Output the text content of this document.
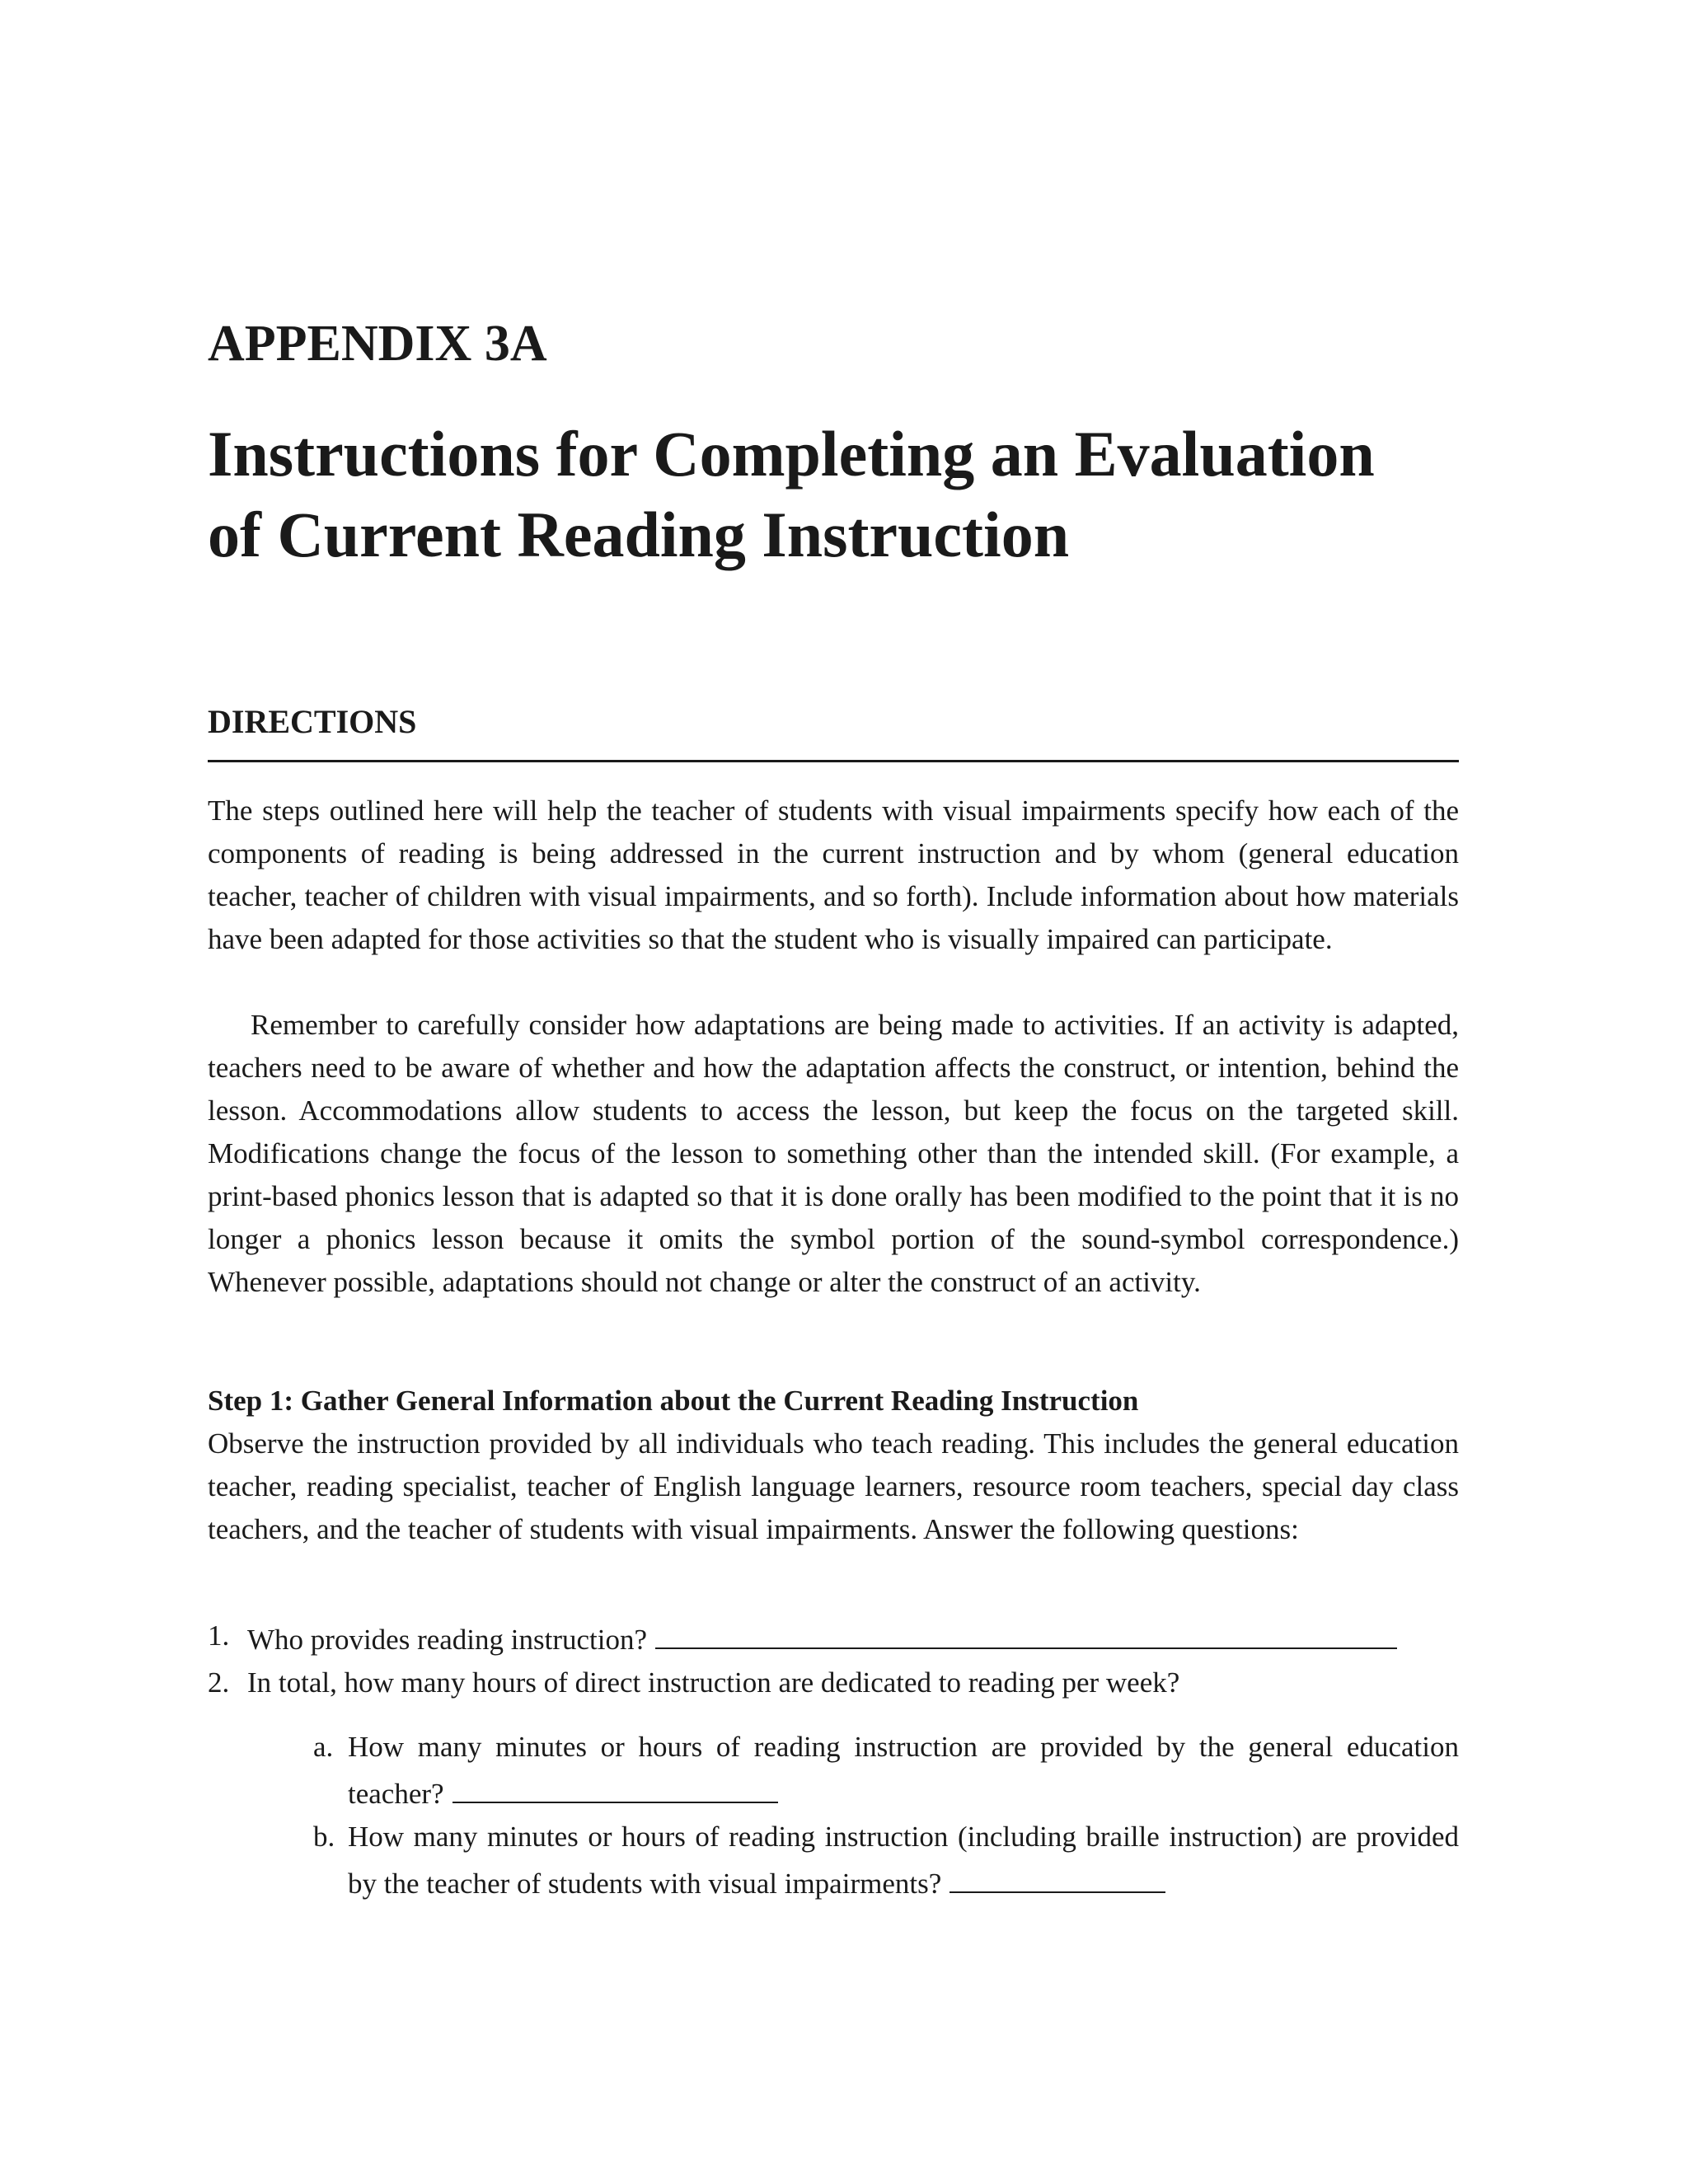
APPENDIX 3A
Instructions for Completing an Evaluation
of Current Reading Instruction
DIRECTIONS

The steps outlined here will help the teacher of students with visual impairments specify how each of the components of reading is being addressed in the current instruction and by whom (general education teacher, teacher of children with visual impairments, and so forth). Include information about how materials have been adapted for those activities so that the student who is visually impaired can participate.

Remember to carefully consider how adaptations are being made to activities. If an activity is adapted, teachers need to be aware of whether and how the adaptation affects the construct, or intention, behind the lesson. Accommodations allow students to access the lesson, but keep the focus on the targeted skill. Modifications change the focus of the lesson to something other than the intended skill. (For example, a print-based phonics lesson that is adapted so that it is done orally has been modified to the point that it is no longer a phonics lesson because it omits the symbol portion of the sound-symbol correspondence.) Whenever possible, adaptations should not change or alter the construct of an activity.

Step 1: Gather General Information about the Current Reading Instruction
Observe the instruction provided by all individuals who teach reading. This includes the general education teacher, reading specialist, teacher of English language learners, resource room teachers, special day class teachers, and the teacher of students with visual impairments. Answer the following questions:
1. Who provides reading instruction?
2. In total, how many hours of direct instruction are dedicated to reading per week?
a. How many minutes or hours of reading instruction are provided by the general education teacher?
b. How many minutes or hours of reading instruction (including braille instruction) are provided by the teacher of students with visual impairments?
